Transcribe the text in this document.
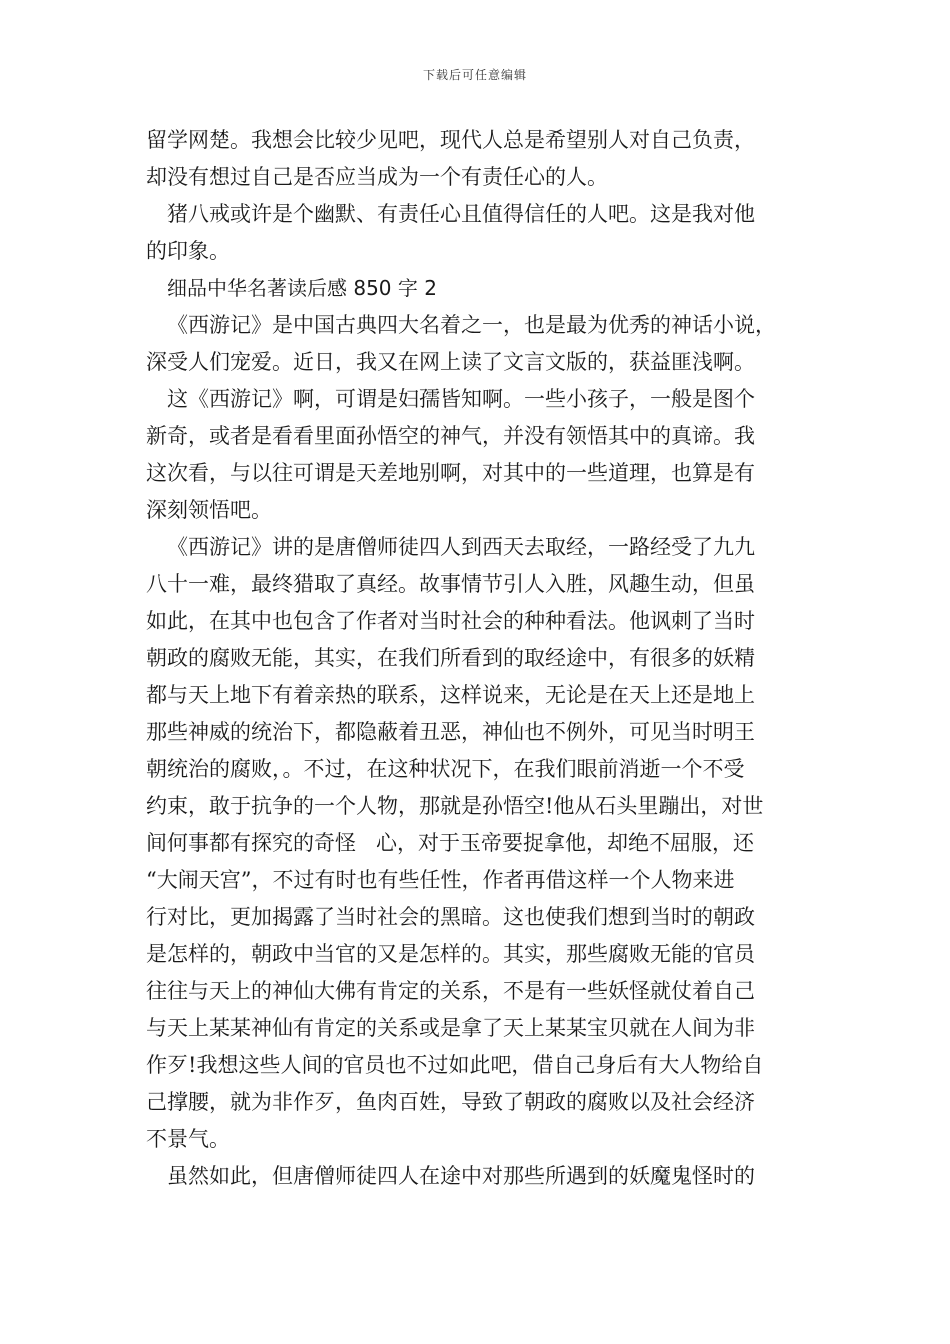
下载后可任意编辑
留学网楚。我想会比较少见吧，现代人总是希望别人对自己负责，
却没有想过自己是否应当成为一个有责任心的人。
猪八戒或许是个幽默、有责任心且值得信任的人吧。这是我对他
的印象。
细品中华名著读后感 850 字 2
《西游记》是中国古典四大名着之一，也是最为优秀的神话小说，
深受人们宠爱。近日，我又在网上读了文言文版的，获益匪浅啊。
这《西游记》啊，可谓是妇孺皆知啊。一些小孩子，一般是图个
新奇，或者是看看里面孙悟空的神气，并没有领悟其中的真谛。我
这次看，与以往可谓是天差地别啊，对其中的一些道理，也算是有
深刻领悟吧。
《西游记》讲的是唐僧师徒四人到西天去取经，一路经受了九九
八十一难，最终猎取了真经。故事情节引人入胜，风趣生动，但虽
如此，在其中也包含了作者对当时社会的种种看法。他讽刺了当时
朝政的腐败无能，其实，在我们所看到的取经途中，有很多的妖精
都与天上地下有着亲热的联系，这样说来，无论是在天上还是地上
那些神威的统治下，都隐蔽着丑恶，神仙也不例外，可见当时明王
朝统治的腐败，。不过，在这种状况下，在我们眼前消逝一个不受
约束，敢于抗争的一个人物，那就是孙悟空!他从石头里蹦出，对世
间何事都有探究的奇怪   心，对于玉帝要捉拿他，却绝不屈服，还
“大闹天宫”，不过有时也有些任性，作者再借这样一个人物来进
行对比，更加揭露了当时社会的黑暗。这也使我们想到当时的朝政
是怎样的，朝政中当官的又是怎样的。其实，那些腐败无能的官员
往往与天上的神仙大佛有肯定的关系，不是有一些妖怪就仗着自己
与天上某某神仙有肯定的关系或是拿了天上某某宝贝就在人间为非
作歹!我想这些人间的官员也不过如此吧，借自己身后有大人物给自
己撑腰，就为非作歹，鱼肉百姓，导致了朝政的腐败以及社会经济
不景气。
虽然如此，但唐僧师徒四人在途中对那些所遇到的妖魔鬼怪时的
